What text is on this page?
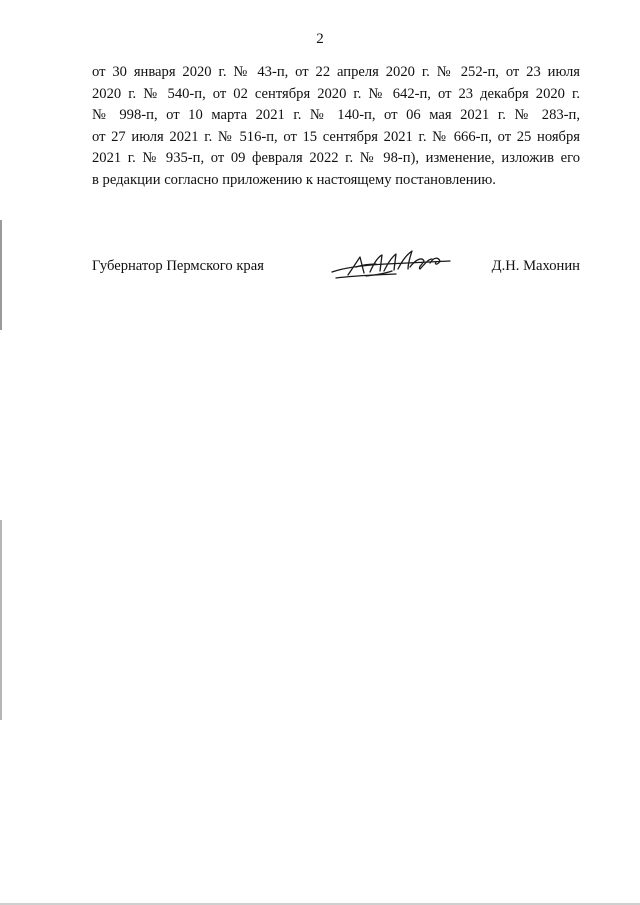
2
от 30 января 2020 г. № 43-п, от 22 апреля 2020 г. № 252-п, от 23 июля
2020 г. № 540-п, от 02 сентября 2020 г. № 642-п, от 23 декабря 2020 г.
№ 998-п, от 10 марта 2021 г. № 140-п, от 06 мая 2021 г. № 283-п,
от 27 июля 2021 г. № 516-п, от 15 сентября 2021 г. № 666-п, от 25 ноября
2021 г. № 935-п, от 09 февраля 2022 г. № 98-п), изменение, изложив его
в редакции согласно приложению к настоящему постановлению.
Губернатор Пермского края	Д.Н. Махонин
